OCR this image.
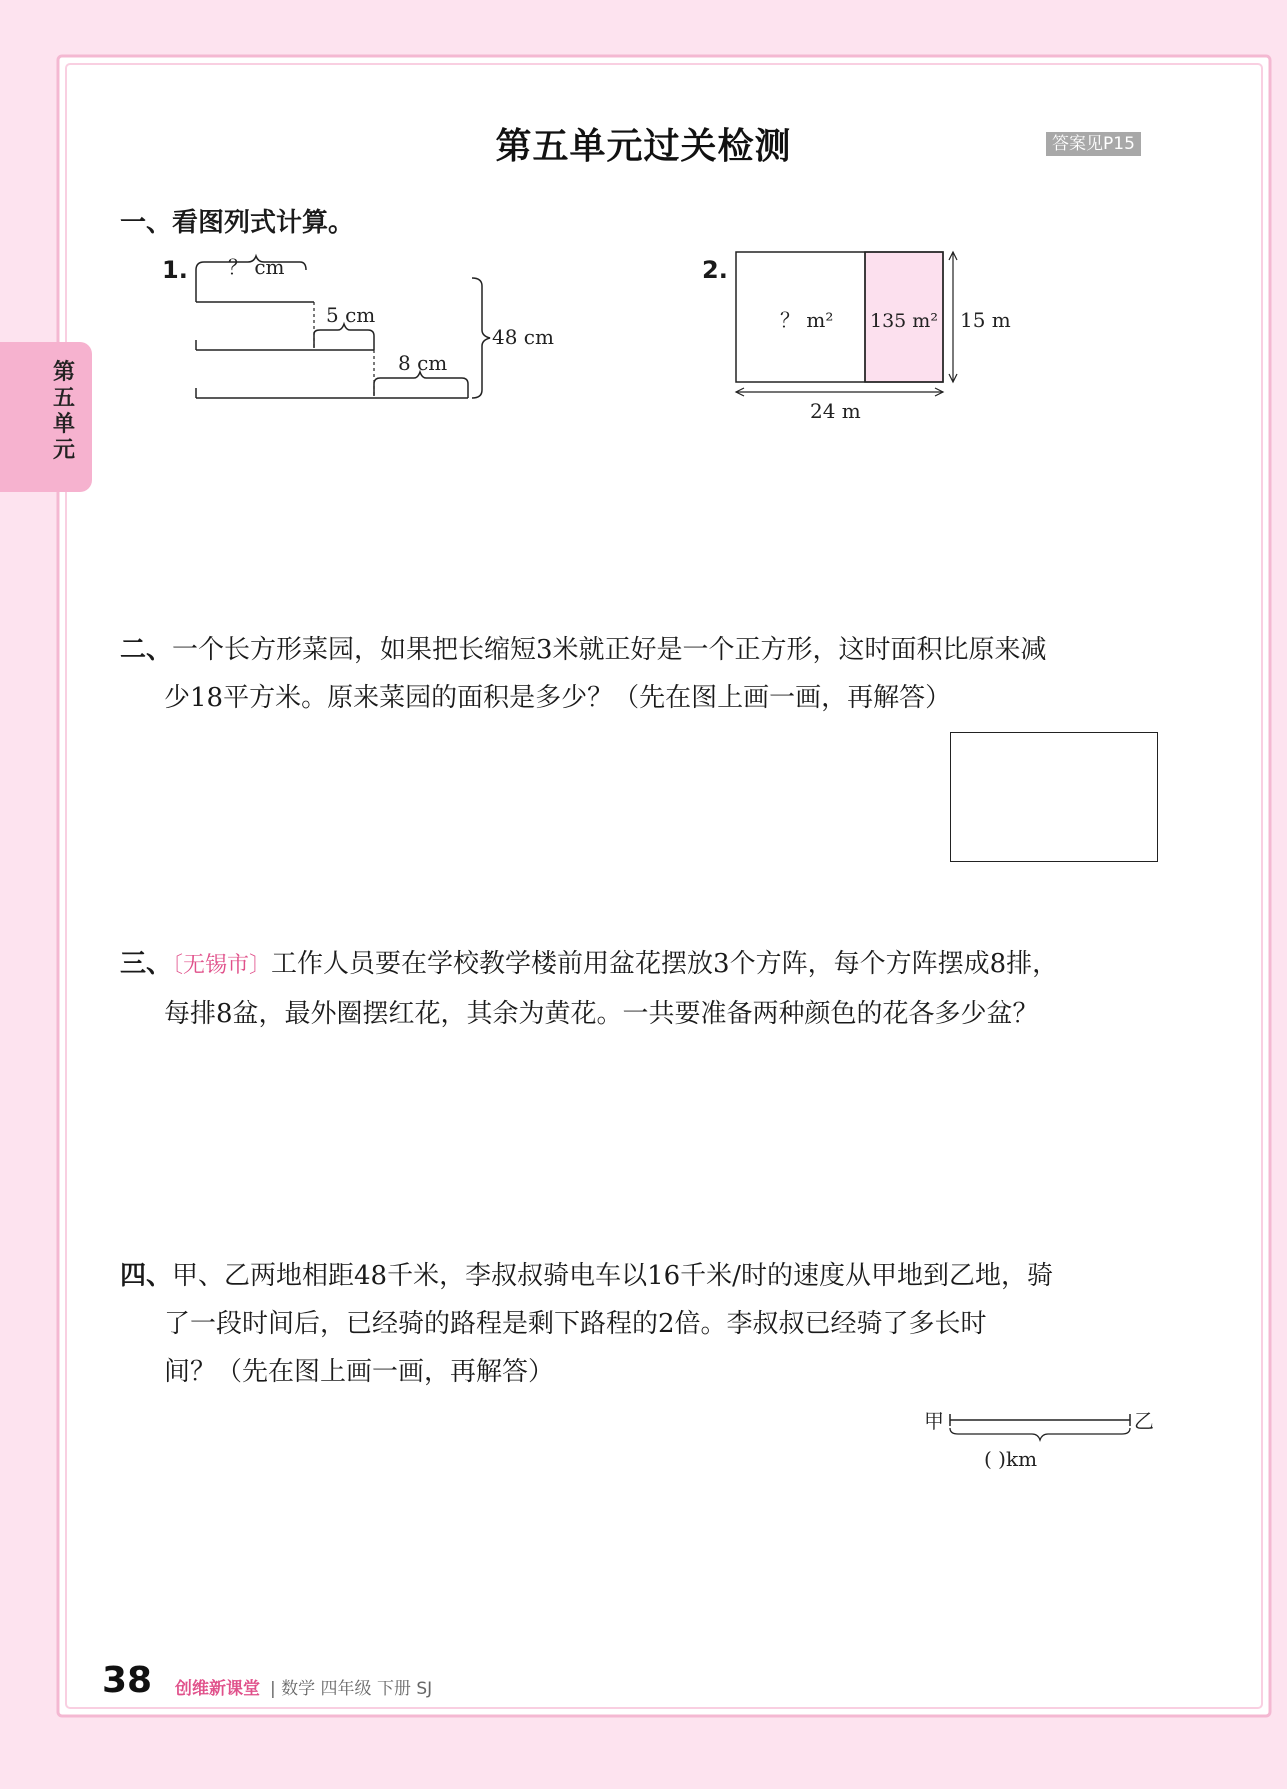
第五单元过关检测	答案见P15
第五单元
一、看图列式计算。
1. ？ cm
5 cm
8 cm
48 cm
2.
？ m² 135 m² 15 m
24 m
二、一个长方形菜园，如果把长缩短3米就正好是一个正方形，这时面积比原来减
少18平方米。原来菜园的面积是多少？（先在图上画一画，再解答）
三、〔无锡市〕工作人员要在学校教学楼前用盆花摆放3个方阵，每个方阵摆成8排，
每排8盆，最外圈摆红花，其余为黄花。一共要准备两种颜色的花各多少盆？
四、甲、乙两地相距48千米，李叔叔骑电车以16千米/时的速度从甲地到乙地，骑
了一段时间后，已经骑的路程是剩下路程的2倍。李叔叔已经骑了多长时
间？（先在图上画一画，再解答）
甲	乙
( )km
38 创维新课堂 | 数学 四年级 下册 SJ
